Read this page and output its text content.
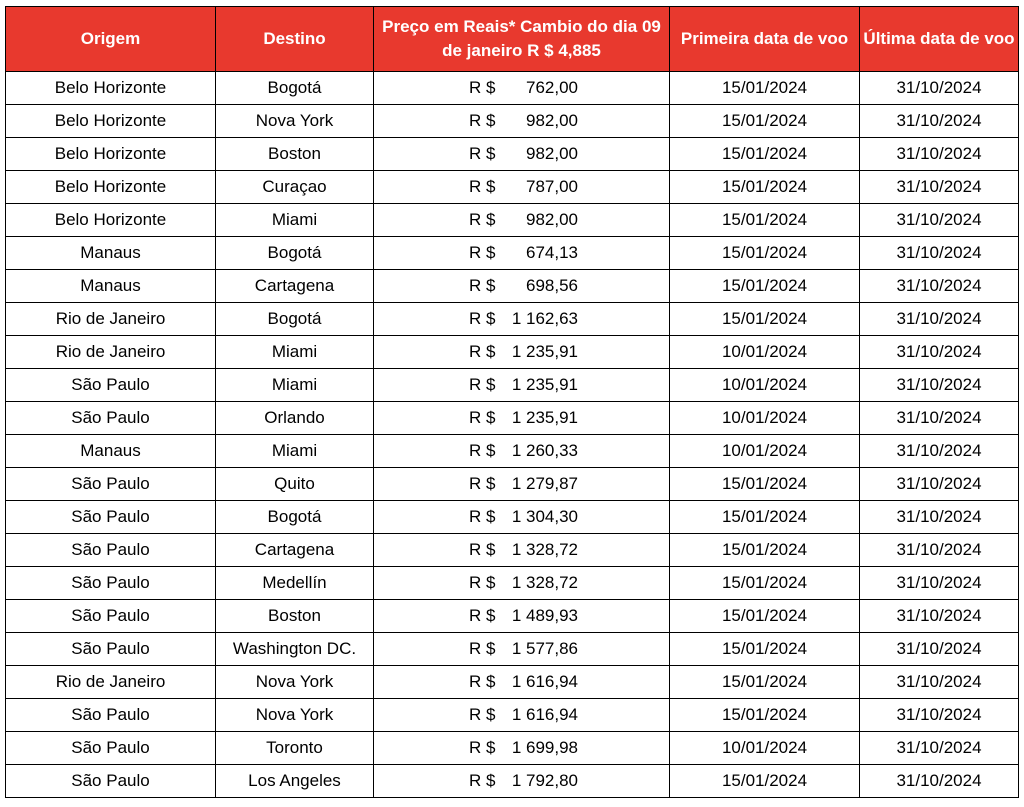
Origem	Destino	Preço em Reais* Cambio do dia 09 de janeiro R $ 4,885	Primeira data de voo	Última data de voo
Belo Horizonte	Bogotá	R $ 762,00	15/01/2024	31/10/2024
Belo Horizonte	Nova York	R $ 982,00	15/01/2024	31/10/2024
Belo Horizonte	Boston	R $ 982,00	15/01/2024	31/10/2024
Belo Horizonte	Curaçao	R $ 787,00	15/01/2024	31/10/2024
Belo Horizonte	Miami	R $ 982,00	15/01/2024	31/10/2024
Manaus	Bogotá	R $ 674,13	15/01/2024	31/10/2024
Manaus	Cartagena	R $ 698,56	15/01/2024	31/10/2024
Rio de Janeiro	Bogotá	R $ 1 162,63	15/01/2024	31/10/2024
Rio de Janeiro	Miami	R $ 1 235,91	10/01/2024	31/10/2024
São Paulo	Miami	R $ 1 235,91	10/01/2024	31/10/2024
São Paulo	Orlando	R $ 1 235,91	10/01/2024	31/10/2024
Manaus	Miami	R $ 1 260,33	10/01/2024	31/10/2024
São Paulo	Quito	R $ 1 279,87	15/01/2024	31/10/2024
São Paulo	Bogotá	R $ 1 304,30	15/01/2024	31/10/2024
São Paulo	Cartagena	R $ 1 328,72	15/01/2024	31/10/2024
São Paulo	Medellín	R $ 1 328,72	15/01/2024	31/10/2024
São Paulo	Boston	R $ 1 489,93	15/01/2024	31/10/2024
São Paulo	Washington DC.	R $ 1 577,86	15/01/2024	31/10/2024
Rio de Janeiro	Nova York	R $ 1 616,94	15/01/2024	31/10/2024
São Paulo	Nova York	R $ 1 616,94	15/01/2024	31/10/2024
São Paulo	Toronto	R $ 1 699,98	10/01/2024	31/10/2024
São Paulo	Los Angeles	R $ 1 792,80	15/01/2024	31/10/2024
